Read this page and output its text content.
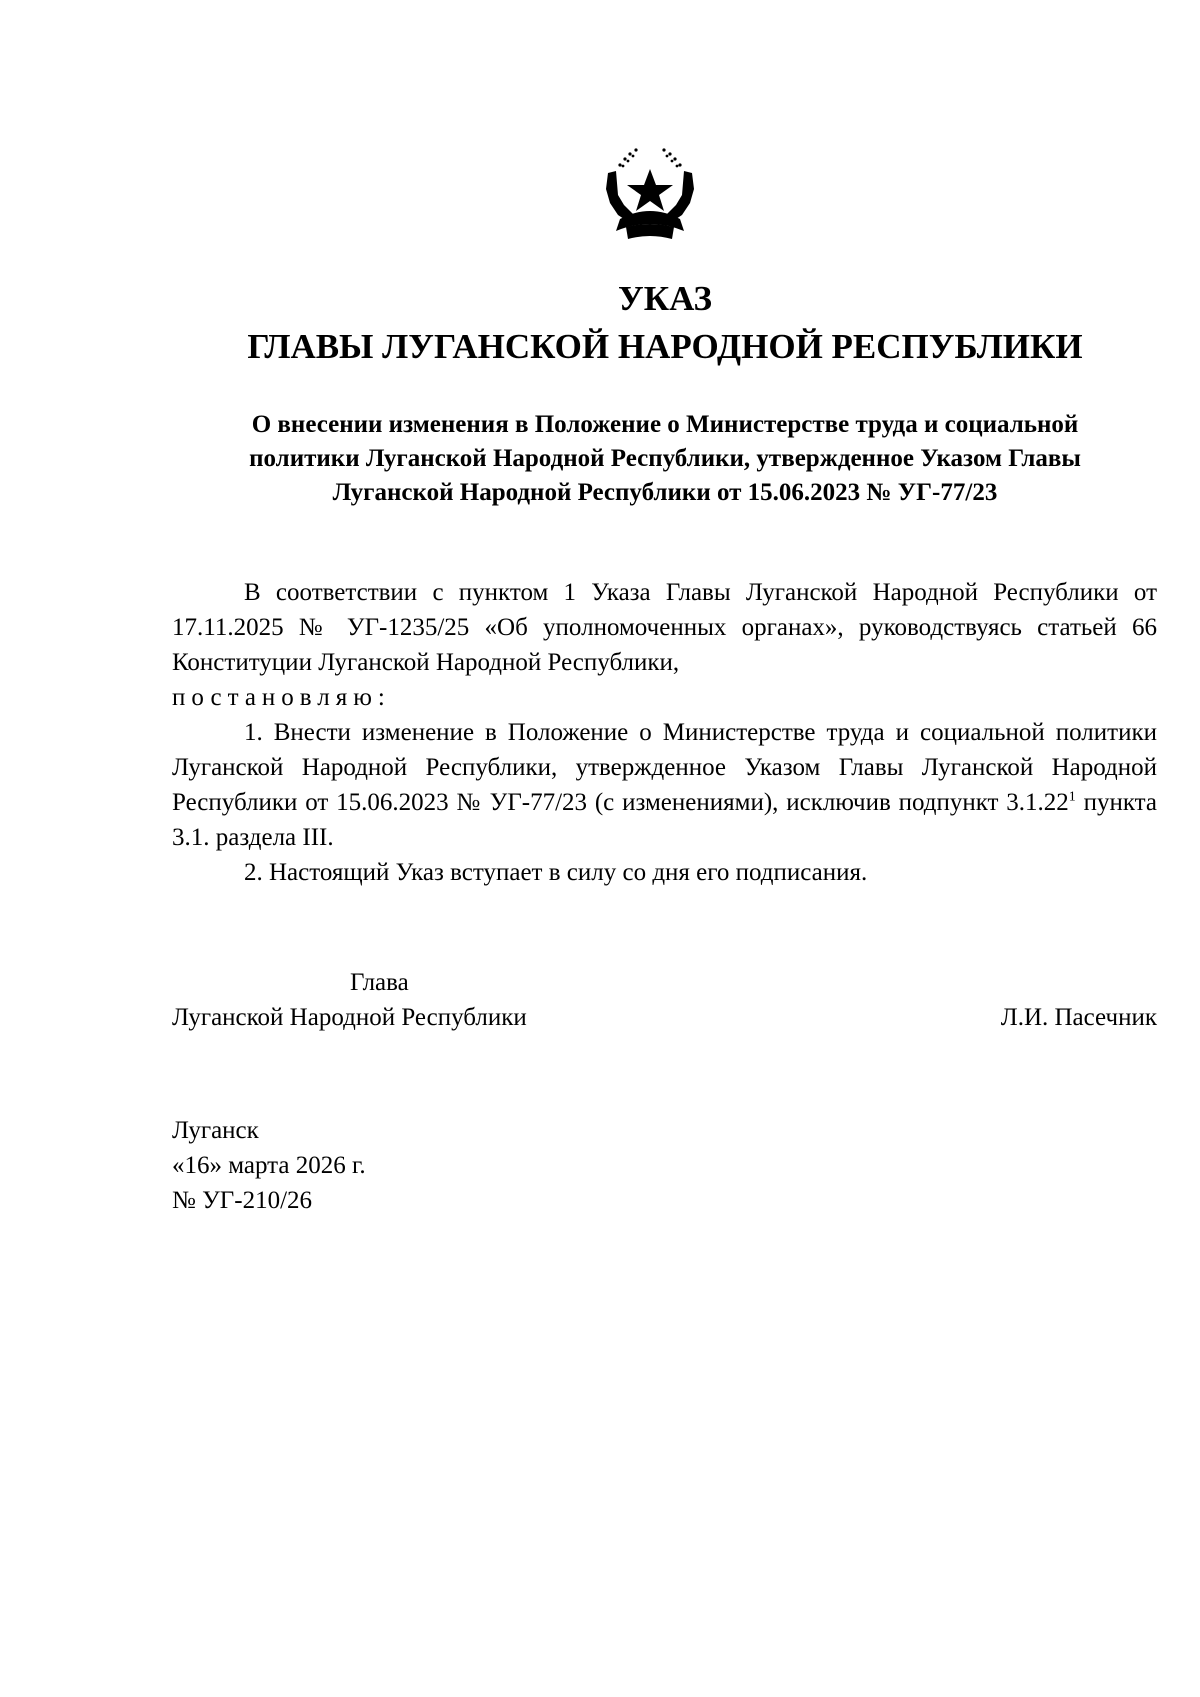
УКАЗ
ГЛАВЫ ЛУГАНСКОЙ НАРОДНОЙ РЕСПУБЛИКИ
О внесении изменения в Положение о Министерстве труда и социальной
политики Луганской Народной Республики, утвержденное Указом Главы
Луганской Народной Республики от 15.06.2023 № УГ-77/23

В соответствии с пунктом 1 Указа Главы Луганской Народной Республики от 17.11.2025 № УГ-1235/25 «Об уполномоченных органах», руководствуясь статьей 66 Конституции Луганской Народной Республики,

постановляю:

1. Внести изменение в Положение о Министерстве труда и социальной политики Луганской Народной Республики, утвержденное Указом Главы Луганской Народной Республики от 15.06.2023 № УГ-77/23 (с изменениями), исключив подпункт 3.1.22$^1$ пункта 3.1. раздела III.

2. Настоящий Указ вступает в силу со дня его подписания.

Глава
Луганской Народной Республики	Л.И. Пасечник
Луганск
«16» марта 2026 г.
№ УГ-210/26
